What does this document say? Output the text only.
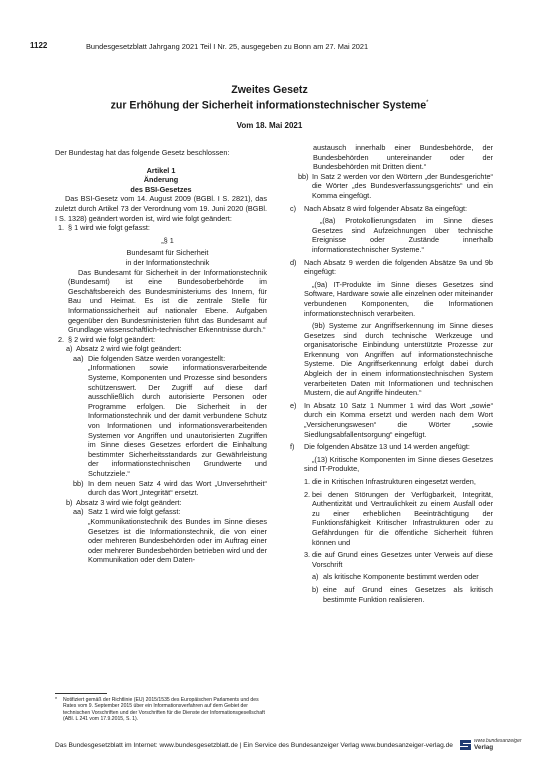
1122	Bundesgesetzblatt Jahrgang 2021 Teil I Nr. 25, ausgegeben zu Bonn am 27. Mai 2021
Zweites Gesetz
zur Erhöhung der Sicherheit informationstechnischer Systeme*
Vom 18. Mai 2021

Der Bundestag hat das folgende Gesetz beschlossen:

Artikel 1

Änderung

des BSI-Gesetzes

Das BSI-Gesetz vom 14. August 2009 (BGBl. I S. 2821), das zuletzt durch Artikel 73 der Verordnung vom 19. Juni 2020 (BGBl. I S. 1328) geändert worden ist, wird wie folgt geändert:

1. § 1 wird wie folgt gefasst:

„§ 1

Bundesamt für Sicherheit

in der Informationstechnik

Das Bundesamt für Sicherheit in der Informationstechnik (Bundesamt) ist eine Bundesoberbehörde im Geschäftsbereich des Bundesministeriums des Innern, für Bau und Heimat. Es ist die zentrale Stelle für Informationssicherheit auf nationaler Ebene. Aufgaben gegenüber den Bundesministerien führt das Bundesamt auf Grundlage wissenschaftlich-technischer Erkenntnisse durch.“

2. § 2 wird wie folgt geändert:

a) Absatz 2 wird wie folgt geändert:

aa) Die folgenden Sätze werden vorangestellt:

„Informationen sowie informationsverarbeitende Systeme, Komponenten und Prozesse sind besonders schützenswert. Der Zugriff auf diese darf ausschließlich durch autorisierte Personen oder Programme erfolgen. Die Sicherheit in der Informationstechnik und der damit verbundene Schutz von Informationen und informationsverarbeitenden Systemen vor Angriffen und unautorisierten Zugriffen im Sinne dieses Gesetzes erfordert die Einhaltung bestimmter Sicherheitsstandards zur Gewährleistung der informationstechnischen Grundwerte und Schutzziele.“

bb) In dem neuen Satz 4 wird das Wort „Unversehrtheit“ durch das Wort „Integrität“ ersetzt.

b) Absatz 3 wird wie folgt geändert:

aa) Satz 1 wird wie folgt gefasst:

„Kommunikationstechnik des Bundes im Sinne dieses Gesetzes ist die Informationstechnik, die von einer oder mehreren Bundesbehörden oder im Auftrag einer oder mehrerer Bundesbehörden betrieben wird und der Kommunikation oder dem Daten-

austausch innerhalb einer Bundesbehörde, der Bundesbehörden untereinander oder der Bundesbehörden mit Dritten dient.“

bb) In Satz 2 werden vor den Wörtern „der Bundesgerichte“ die Wörter „des Bundesverfassungsgerichts“ und ein Komma eingefügt.

c) Nach Absatz 8 wird folgender Absatz 8a eingefügt:

„(8a) Protokollierungsdaten im Sinne dieses Gesetzes sind Aufzeichnungen über technische Ereignisse oder Zustände innerhalb informationstechnischer Systeme.“

d) Nach Absatz 9 werden die folgenden Absätze 9a und 9b eingefügt:

„(9a) IT-Produkte im Sinne dieses Gesetzes sind Software, Hardware sowie alle einzelnen oder miteinander verbundenen Komponenten, die Informationen informationstechnisch verarbeiten.

(9b) Systeme zur Angriffserkennung im Sinne dieses Gesetzes sind durch technische Werkzeuge und organisatorische Einbindung unterstützte Prozesse zur Erkennung von Angriffen auf informationstechnische Systeme. Die Angriffserkennung erfolgt dabei durch Abgleich der in einem informationstechnischen System verarbeiteten Daten mit Informationen und technischen Mustern, die auf Angriffe hindeuten.“

e) In Absatz 10 Satz 1 Nummer 1 wird das Wort „sowie“ durch ein Komma ersetzt und werden nach dem Wort „Versicherungswesen“ die Wörter „sowie Siedlungsabfallentsorgung“ eingefügt.

f) Die folgenden Absätze 13 und 14 werden angefügt:

„(13) Kritische Komponenten im Sinne dieses Gesetzes sind IT-Produkte,

1. die in Kritischen Infrastrukturen eingesetzt werden,

2. bei denen Störungen der Verfügbarkeit, Integrität, Authentizität und Vertraulichkeit zu einem Ausfall oder zu einer erheblichen Beeinträchtigung der Funktionsfähigkeit Kritischer Infrastrukturen oder zu Gefährdungen für die öffentliche Sicherheit führen können und

3. die auf Grund eines Gesetzes unter Verweis auf diese Vorschrift

a) als kritische Komponente bestimmt werden oder

b) eine auf Grund eines Gesetzes als kritisch bestimmte Funktion realisieren.

*	Notifiziert gemäß der Richtlinie (EU) 2015/1535 des Europäischen Parlaments und des Rates vom 9. September 2015 über ein Informationsverfahren auf dem Gebiet der technischen Vorschriften und der Vorschriften für die Dienste der Informationsgesellschaft (ABl. L 241 vom 17.9.2015, S. 1).
Das Bundesgesetzblatt im Internet: www.bundesgesetzblatt.de | Ein Service des Bundesanzeiger Verlag www.bundesanzeiger-verlag.de
www.bundesanzeiger
Verlag
